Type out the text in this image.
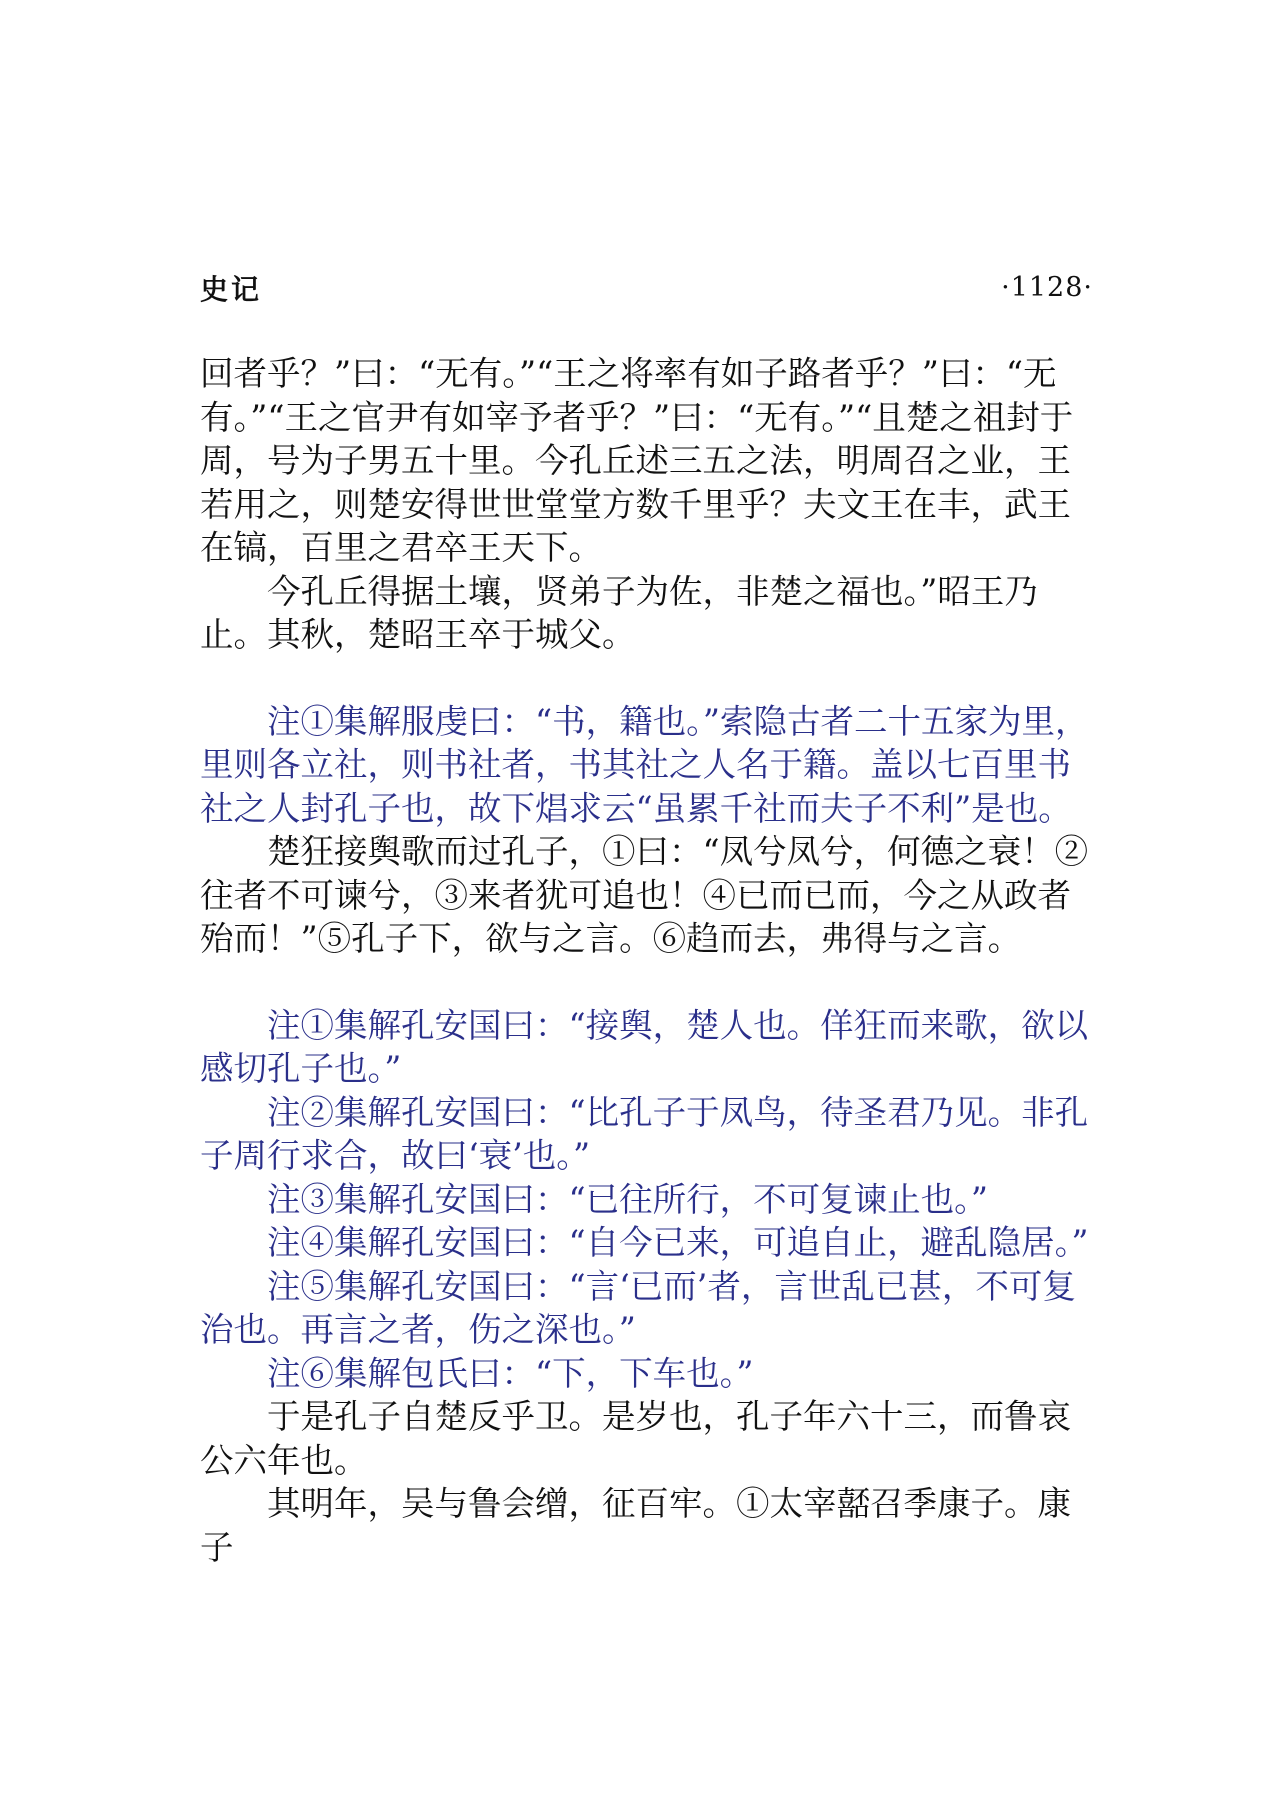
史记	·1128·

回者乎？”曰：“无有。”“王之将率有如子路者乎？”曰：“无有。”“王之官尹有如宰予者乎？”曰：“无有。”“且楚之祖封于周，号为子男五十里。今孔丘述三五之法，明周召之业，王若用之，则楚安得世世堂堂方数千里乎？夫文王在丰，武王在镐，百里之君卒王天下。

今孔丘得据土壤，贤弟子为佐，非楚之福也。”昭王乃止。其秋，楚昭王卒于城父。

注①集解服虔曰：“书，籍也。”索隐古者二十五家为里，里则各立社，则书社者，书其社之人名于籍。盖以七百里书社之人封孔子也，故下焻求云“虽累千社而夫子不利”是也。

楚狂接舆歌而过孔子，①曰：“凤兮凤兮，何德之衰！②往者不可谏兮，③来者犹可追也！④已而已而，今之从政者殆而！”⑤孔子下，欲与之言。⑥趋而去，弗得与之言。

注①集解孔安国曰：“接舆，楚人也。佯狂而来歌，欲以感切孔子也。”

注②集解孔安国曰：“比孔子于凤鸟，待圣君乃见。非孔子周行求合，故曰‘衰’也。”

注③集解孔安国曰：“已往所行，不可复谏止也。”

注④集解孔安国曰：“自今已来，可追自止，避乱隐居。”

注⑤集解孔安国曰：“言‘已而’者，言世乱已甚，不可复治也。再言之者，伤之深也。”

注⑥集解包氏曰：“下，下车也。”

于是孔子自楚反乎卫。是岁也，孔子年六十三，而鲁哀公六年也。

其明年，吴与鲁会缯，征百牢。①太宰嚭召季康子。康子
